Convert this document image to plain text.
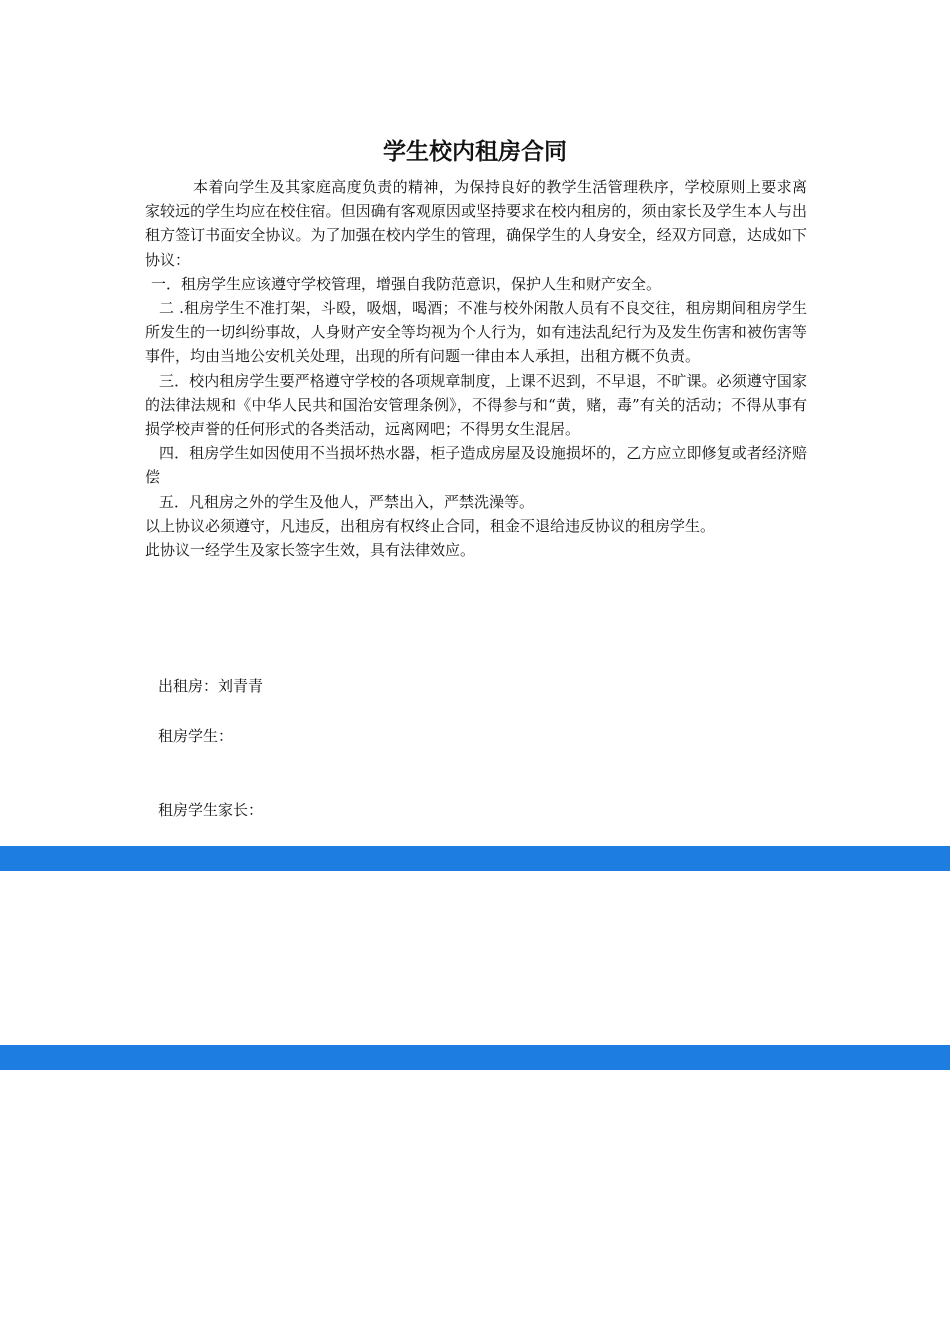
学生校内租房合同

本着向学生及其家庭高度负责的精神，为保持良好的教学生活管理秩序，学校原则上要求离家较远的学生均应在校住宿。但因确有客观原因或坚持要求在校内租房的，须由家长及学生本人与出租方签订书面安全协议。为了加强在校内学生的管理，确保学生的人身安全，经双方同意，达成如下协议：

一．租房学生应该遵守学校管理，增强自我防范意识，保护人生和财产安全。

二 .租房学生不准打架，斗殴，吸烟，喝酒；不准与校外闲散人员有不良交往，租房期间租房学生所发生的一切纠纷事故，人身财产安全等均视为个人行为，如有违法乱纪行为及发生伤害和被伤害等事件，均由当地公安机关处理，出现的所有问题一律由本人承担，出租方概不负责。

三．校内租房学生要严格遵守学校的各项规章制度，上课不迟到，不早退，不旷课。必须遵守国家的法律法规和《中华人民共和国治安管理条例》，不得参与和“黄，赌，毒”有关的活动；不得从事有损学校声誉的任何形式的各类活动，远离网吧；不得男女生混居。

四．租房学生如因使用不当损坏热水器，柜子造成房屋及设施损坏的，乙方应立即修复或者经济赔偿

五．凡租房之外的学生及他人，严禁出入，严禁洗澡等。

以上协议必须遵守，凡违反，出租房有权终止合同，租金不退给违反协议的租房学生。

此协议一经学生及家长签字生效，具有法律效应。

出租房：刘青青

租房学生：

租房学生家长：
